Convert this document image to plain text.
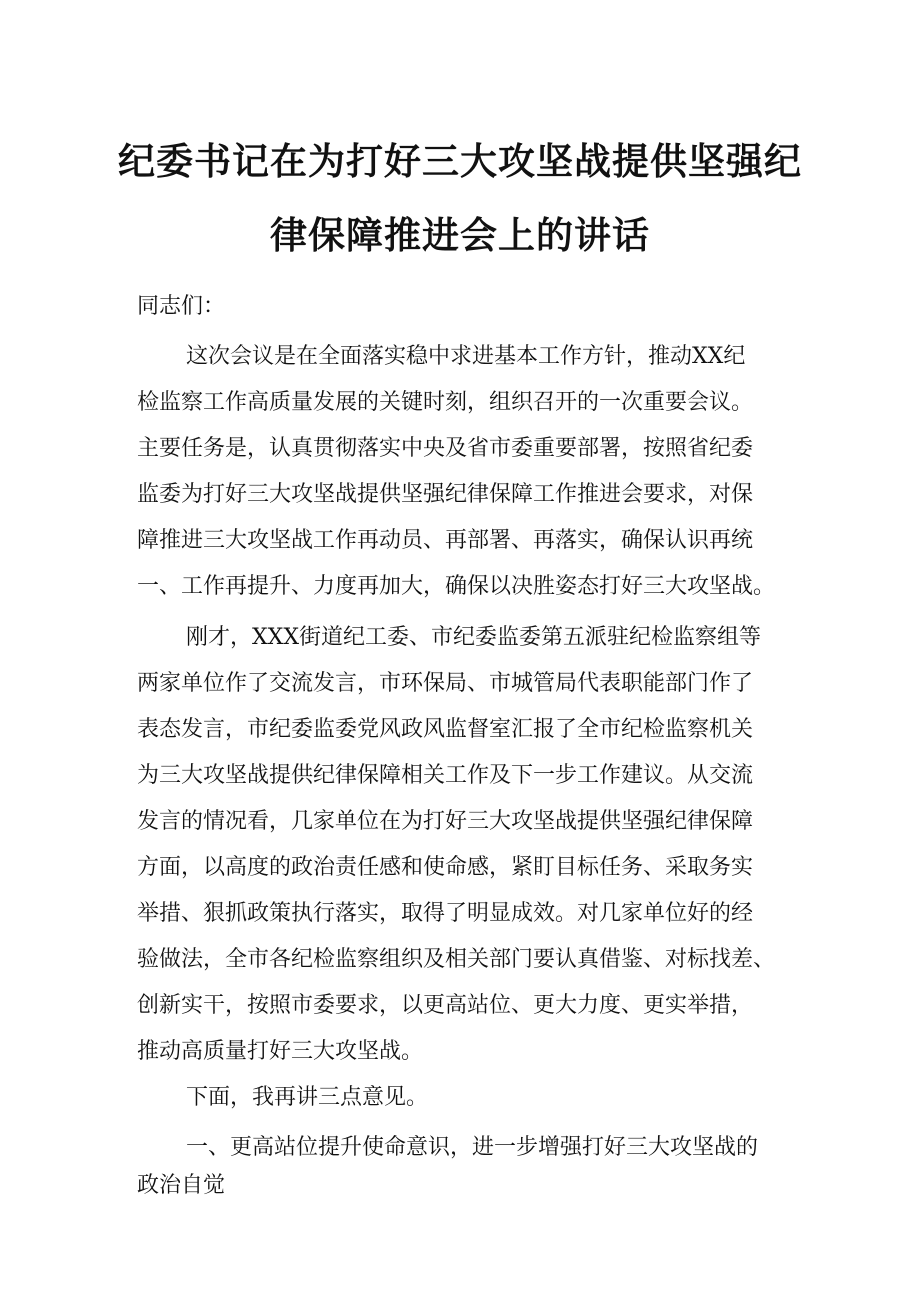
纪委书记在为打好三大攻坚战提供坚强纪
律保障推进会上的讲话
同志们：
这次会议是在全面落实稳中求进基本工作方针，推动XX纪
检监察工作高质量发展的关键时刻，组织召开的一次重要会议。
主要任务是，认真贯彻落实中央及省市委重要部署，按照省纪委
监委为打好三大攻坚战提供坚强纪律保障工作推进会要求，对保
障推进三大攻坚战工作再动员、再部署、再落实，确保认识再统
一、工作再提升、力度再加大，确保以决胜姿态打好三大攻坚战。
刚才，XXX街道纪工委、市纪委监委第五派驻纪检监察组等
两家单位作了交流发言，市环保局、市城管局代表职能部门作了
表态发言，市纪委监委党风政风监督室汇报了全市纪检监察机关
为三大攻坚战提供纪律保障相关工作及下一步工作建议。从交流
发言的情况看，几家单位在为打好三大攻坚战提供坚强纪律保障
方面，以高度的政治责任感和使命感，紧盯目标任务、采取务实
举措、狠抓政策执行落实，取得了明显成效。对几家单位好的经
验做法，全市各纪检监察组织及相关部门要认真借鉴、对标找差、
创新实干，按照市委要求，以更高站位、更大力度、更实举措，
推动高质量打好三大攻坚战。
下面，我再讲三点意见。
一、更高站位提升使命意识，进一步增强打好三大攻坚战的
政治自觉
